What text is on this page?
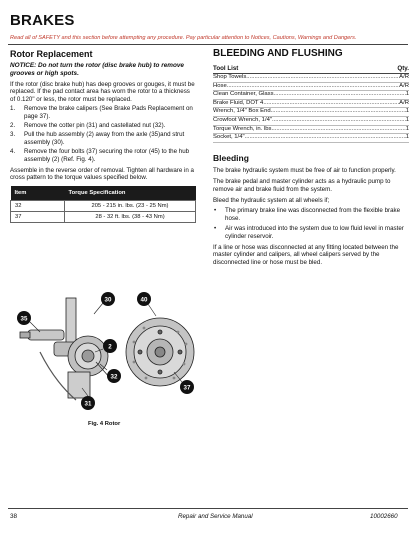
BRAKES
Read all of SAFETY and this section before attempting any procedure. Pay particular attention to Notices, Cautions, Warnings and Dangers.
Rotor Replacement
NOTICE: Do not turn the rotor (disc brake hub) to remove grooves or high spots.
If the rotor (disc brake hub) has deep grooves or gouges, it must be replaced. If the pad contact area has worn the rotor to a thickness of 0.120" or less, the rotor must be replaced.
1.	Remove the brake calipers (See Brake Pads Replacement on page 37).
2.	Remove the cotter pin (31) and castellated nut (32).
3.	Pull the hub assembly (2) away from the axle (35)and strut assembly (30).
4.	Remove the four bolts (37) securing the rotor (45) to the hub assembly (2) (Ref. Fig. 4).
Assemble in the reverse order of removal. Tighten all hardware in a cross pattern to the torque values specified below.
Item	Torque Specification
32	205 - 215 in. lbs. (23 - 25 Nm)
37	28 - 32 ft. lbs. (38 - 43 Nm)
35
30	40
2
32
31
37
Fig. 4 Rotor
BLEEDING AND FLUSHING
Tool List	Qty.
Shop Towels .....	A/R
Hose .....	A/R
Clean Container, Glass .....	1
Brake Fluid, DOT 4 .....	A/R
Wrench, 1/4" Box End .....	1
Crowfoot Wrench, 1/4" .....	1
Torque Wrench, in. lbs. .....	1
Socket, 1/4" .....	1
Bleeding
The brake hydraulic system must be free of air to function properly.
The brake pedal and master cylinder acts as a hydraulic pump to remove air and brake fluid from the system.
Bleed the hydraulic system at all wheels if;
•	The primary brake line was disconnected from the flexible brake hose.
•	Air was introduced into the system due to low fluid level in master cylinder reservoir.
If a line or hose was disconnected at any fitting located between the master cylinder and calipers, all wheel calipers served by the disconnected line or hose must be bled.
38	Repair and Service Manual	10002660
